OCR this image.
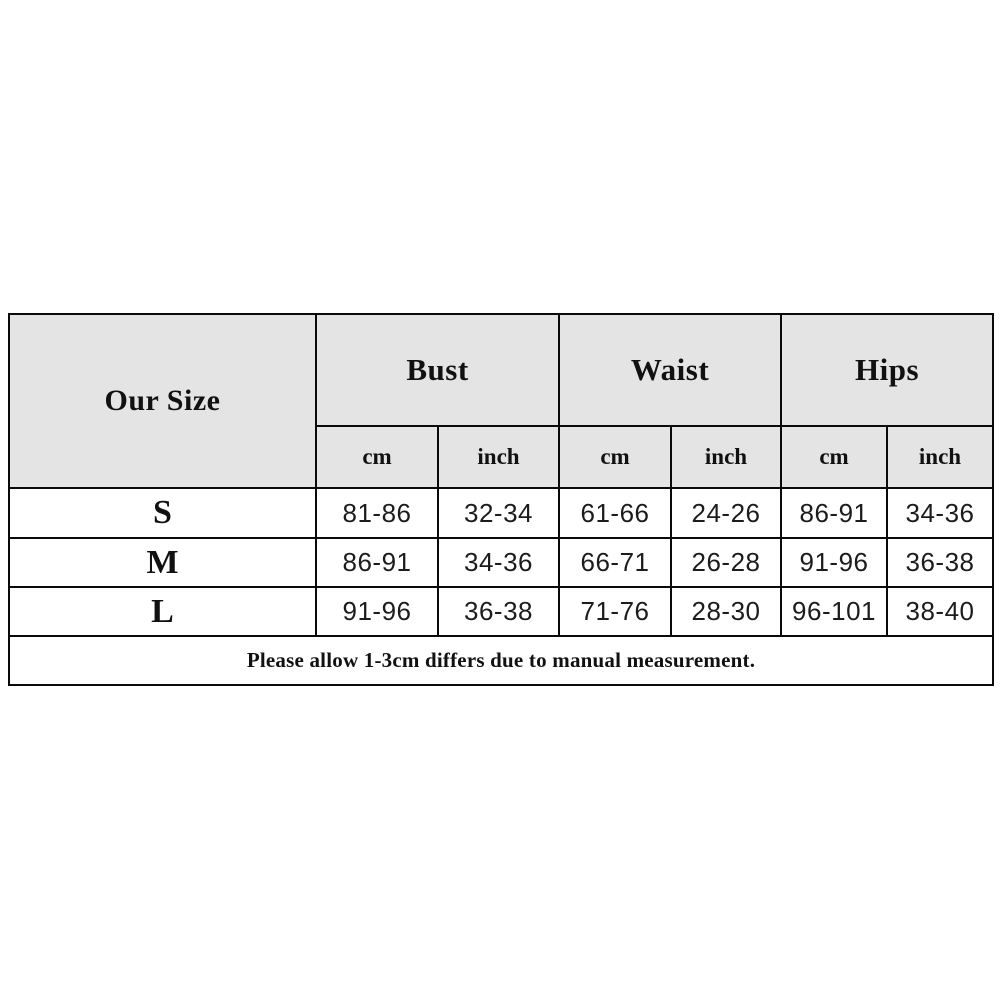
Our Size	Bust		Waist		Hips	
	cm	inch	cm	inch	cm	inch
S	81-86	32-34	61-66	24-26	86-91	34-36
M	86-91	34-36	66-71	26-28	91-96	36-38
L	91-96	36-38	71-76	28-30	96-101	38-40
Please allow 1-3cm differs due to manual measurement.						
